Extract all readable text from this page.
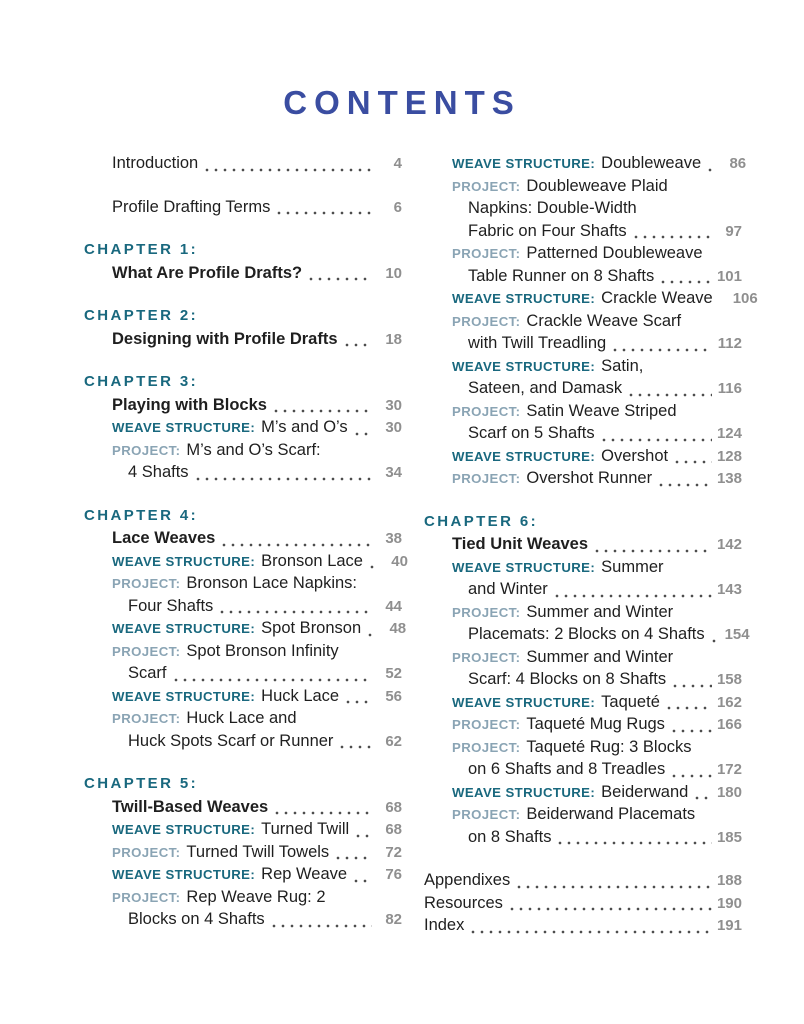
CONTENTS
Introduction	4
Profile Drafting Terms	6
CHAPTER 1:
What Are Profile Drafts?	10
CHAPTER 2:
Designing with Profile Drafts	18
CHAPTER 3:
Playing with Blocks	30
WEAVE STRUCTURE: M’s and O’s	30
PROJECT: M’s and O’s Scarf:
4 Shafts	34
CHAPTER 4:
Lace Weaves	38
WEAVE STRUCTURE: Bronson Lace	40
PROJECT: Bronson Lace Napkins:
Four Shafts	44
WEAVE STRUCTURE: Spot Bronson	48
PROJECT: Spot Bronson Infinity
Scarf	52
WEAVE STRUCTURE: Huck Lace	56
PROJECT: Huck Lace and
Huck Spots Scarf or Runner	62
CHAPTER 5:
Twill-Based Weaves	68
WEAVE STRUCTURE: Turned Twill	68
PROJECT: Turned Twill Towels	72
WEAVE STRUCTURE: Rep Weave	76
PROJECT: Rep Weave Rug: 2
Blocks on 4 Shafts	82
WEAVE STRUCTURE: Doubleweave	86
PROJECT: Doubleweave Plaid
Napkins: Double-Width
Fabric on Four Shafts	97
PROJECT: Patterned Doubleweave
Table Runner on 8 Shafts	101
WEAVE STRUCTURE: Crackle Weave 106
PROJECT: Crackle Weave Scarf
with Twill Treadling	112
WEAVE STRUCTURE: Satin,
Sateen, and Damask	116
PROJECT: Satin Weave Striped
Scarf on 5 Shafts	124
WEAVE STRUCTURE: Overshot	128
PROJECT: Overshot Runner	138
CHAPTER 6:
Tied Unit Weaves	142
WEAVE STRUCTURE: Summer
and Winter	143
PROJECT: Summer and Winter
Placemats: 2 Blocks on 4 Shafts 154
PROJECT: Summer and Winter
Scarf: 4 Blocks on 8 Shafts	158
WEAVE STRUCTURE: Taqueté	162
PROJECT: Taqueté Mug Rugs	166
PROJECT: Taqueté Rug: 3 Blocks
on 6 Shafts and 8 Treadles	172
WEAVE STRUCTURE: Beiderwand 180
PROJECT: Beiderwand Placemats
on 8 Shafts	185
Appendixes	188
Resources	190
Index	191
